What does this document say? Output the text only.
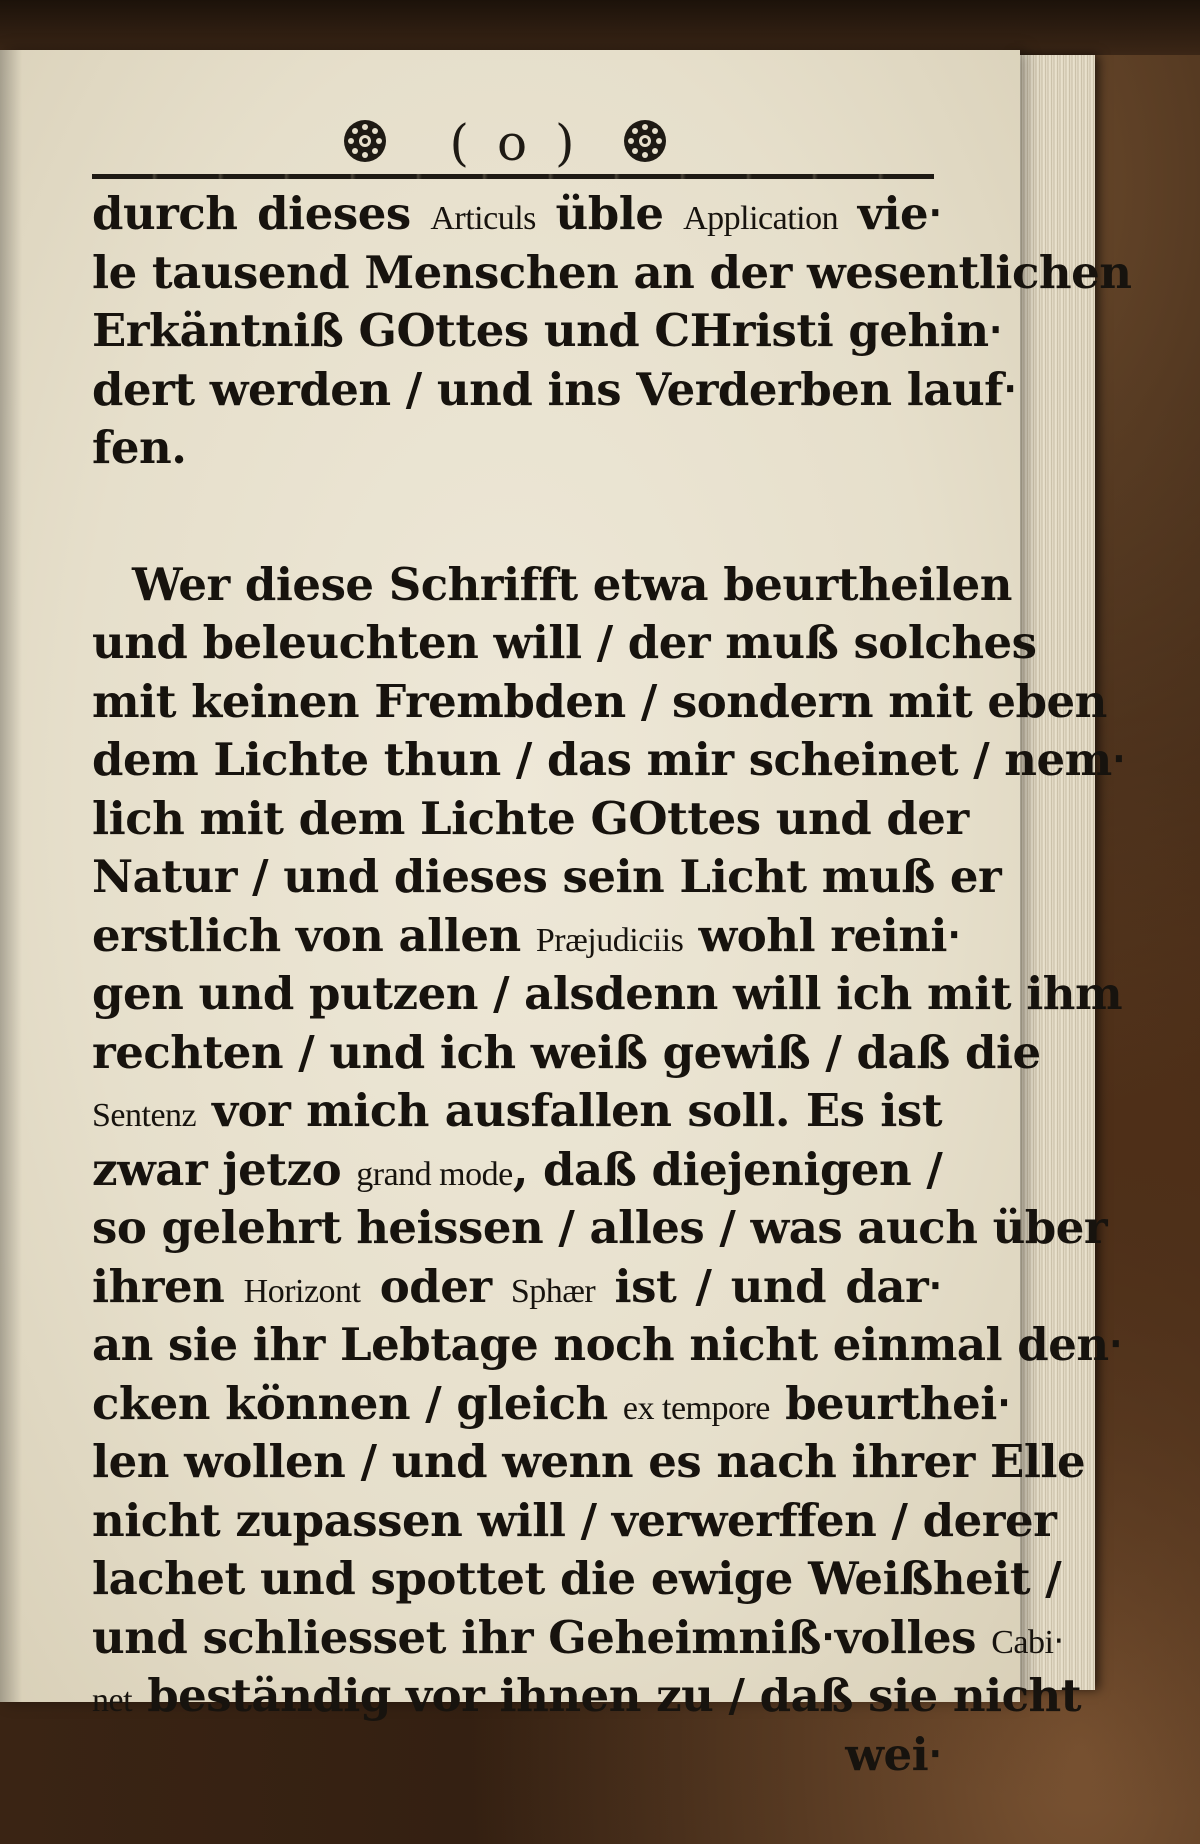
( o )
durch dieses Articuls üble Application vie‧
le tausend Menschen an der wesentlichen
Erkäntniß GOttes und CHristi gehin‧
dert werden / und ins Verderben lauf‧
fen.
Wer diese Schrifft etwa beurtheilen
und beleuchten will / der muß solches
mit keinen Frembden / sondern mit eben
dem Lichte thun / das mir scheinet / nem‧
lich mit dem Lichte GOttes und der
Natur / und dieses sein Licht muß er
erstlich von allen Præjudiciis wohl reini‧
gen und putzen / alsdenn will ich mit ihm
rechten / und ich weiß gewiß / daß die
Sentenz vor mich ausfallen soll. Es ist
zwar jetzo grand mode, daß diejenigen /
so gelehrt heissen / alles / was auch über
ihren Horizont oder Sphær ist / und dar‧
an sie ihr Lebtage noch nicht einmal den‧
cken können / gleich ex tempore beurthei‧
len wollen / und wenn es nach ihrer Elle
nicht zupassen will / verwerffen / derer
lachet und spottet die ewige Weißheit /
und schliesset ihr Geheimniß‧volles Cabi‧
net beständig vor ihnen zu / daß sie nicht
wei‧
